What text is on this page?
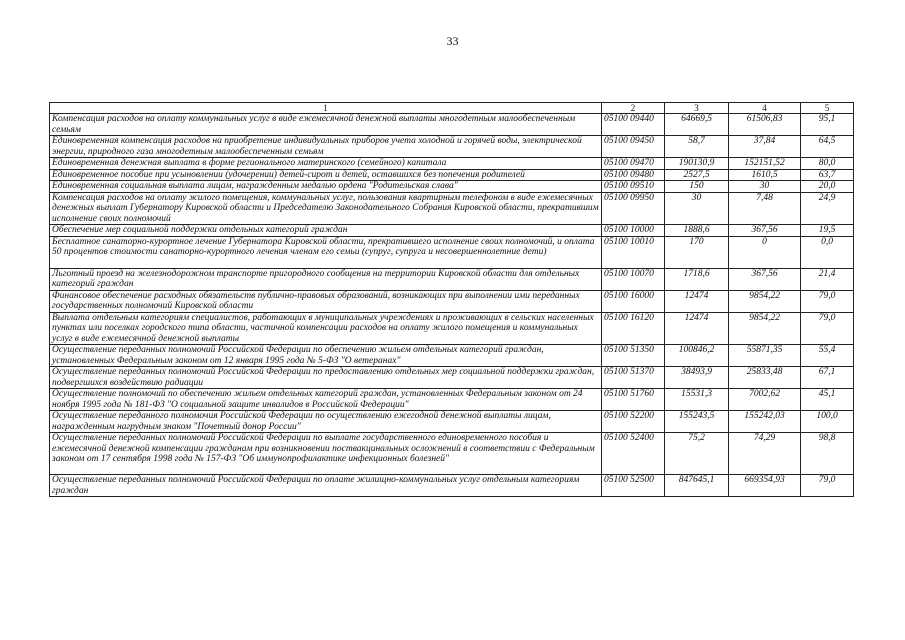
33
1	2	3	4	5
Компенсация расходов на оплату коммунальных услуг в виде ежемесячной денежной выплаты многодетным малообеспеченным семьям	05100 09440	64669,5	61506,83	95,1
Единовременная компенсация расходов на приобретение индивидуальных приборов учета холодной и горячей воды, электрической энергии, природного газа многодетным малообеспеченным семьям	05100 09450	58,7	37,84	64,5
Единовременная денежная выплата в форме регионального материнского (семейного) капитала	05100 09470	190130,9	152151,52	80,0
Единовременное пособие при усыновлении (удочерении) детей-сирот и детей, оставшихся без попечения родителей	05100 09480	2527,5	1610,5	63,7
Единовременная социальная выплата лицам, награжденным медалью ордена "Родительская слава"	05100 09510	150	30	20,0
Компенсация расходов на оплату жилого помещения, коммунальных услуг, пользования квартирным телефоном в виде ежемесячных денежных выплат Губернатору Кировской области и Председателю Законодательного Собрания Кировской области, прекратившим исполнение своих полномочий	05100 09950	30	7,48	24,9
Обеспечение мер социальной поддержки отдельных категорий граждан	05100 10000	1888,6	367,56	19,5
Бесплатное санаторно-курортное лечение Губернатора Кировской области, прекратившего исполнение своих полномочий, и оплата 50 процентов стоимости санаторно-курортного лечения членам его семьи (супруг, супруга и несовершеннолетние дети)	05100 10010	170	0	0,0
Льготный проезд на железнодорожном транспорте пригородного сообщения на территории Кировской области для отдельных категорий граждан	05100 10070	1718,6	367,56	21,4
Финансовое обеспечение расходных обязательств публично-правовых образований, возникающих при выполнении ими переданных государственных полномочий Кировской области	05100 16000	12474	9854,22	79,0
Выплата отдельным категориям специалистов, работающих в муниципальных учреждениях и проживающих в сельских населенных пунктах или поселках городского типа области, частичной компенсации расходов на оплату жилого помещения и коммунальных услуг в виде ежемесячной денежной выплаты	05100 16120	12474	9854,22	79,0
Осуществление переданных полномочий Российской Федерации по обеспечению жильем отдельных категорий граждан, установленных Федеральным законом от 12 января 1995 года № 5-ФЗ "О ветеранах"	05100 51350	100846,2	55871,35	55,4
Осуществление переданных полномочий Российской Федерации по предоставлению отдельных мер социальной поддержки граждан, подвергшихся воздействию радиации	05100 51370	38493,9	25833,48	67,1
Осуществление полномочий по обеспечению жильем отдельных категорий граждан, установленных Федеральным законом от 24 ноября 1995 года № 181-ФЗ "О социальной защите инвалидов в Российской Федерации"	05100 51760	15531,3	7002,62	45,1
Осуществление переданного полномочия Российской Федерации по осуществлению ежегодной денежной выплаты лицам, награжденным нагрудным знаком "Почетный донор России"	05100 52200	155243,5	155242,03	100,0
Осуществление переданных полномочий Российской Федерации по выплате государственного единовременного пособия и ежемесячной денежной компенсации гражданам при возникновении поствакцинальных осложнений в соответствии с Федеральным законом от 17 сентября 1998 года № 157-ФЗ "Об иммунопрофилактике инфекционных болезней"	05100 52400	75,2	74,29	98,8
Осуществление переданных полномочий Российской Федерации по оплате жилищно-коммунальных услуг отдельным категориям граждан	05100 52500	847645,1	669354,93	79,0
